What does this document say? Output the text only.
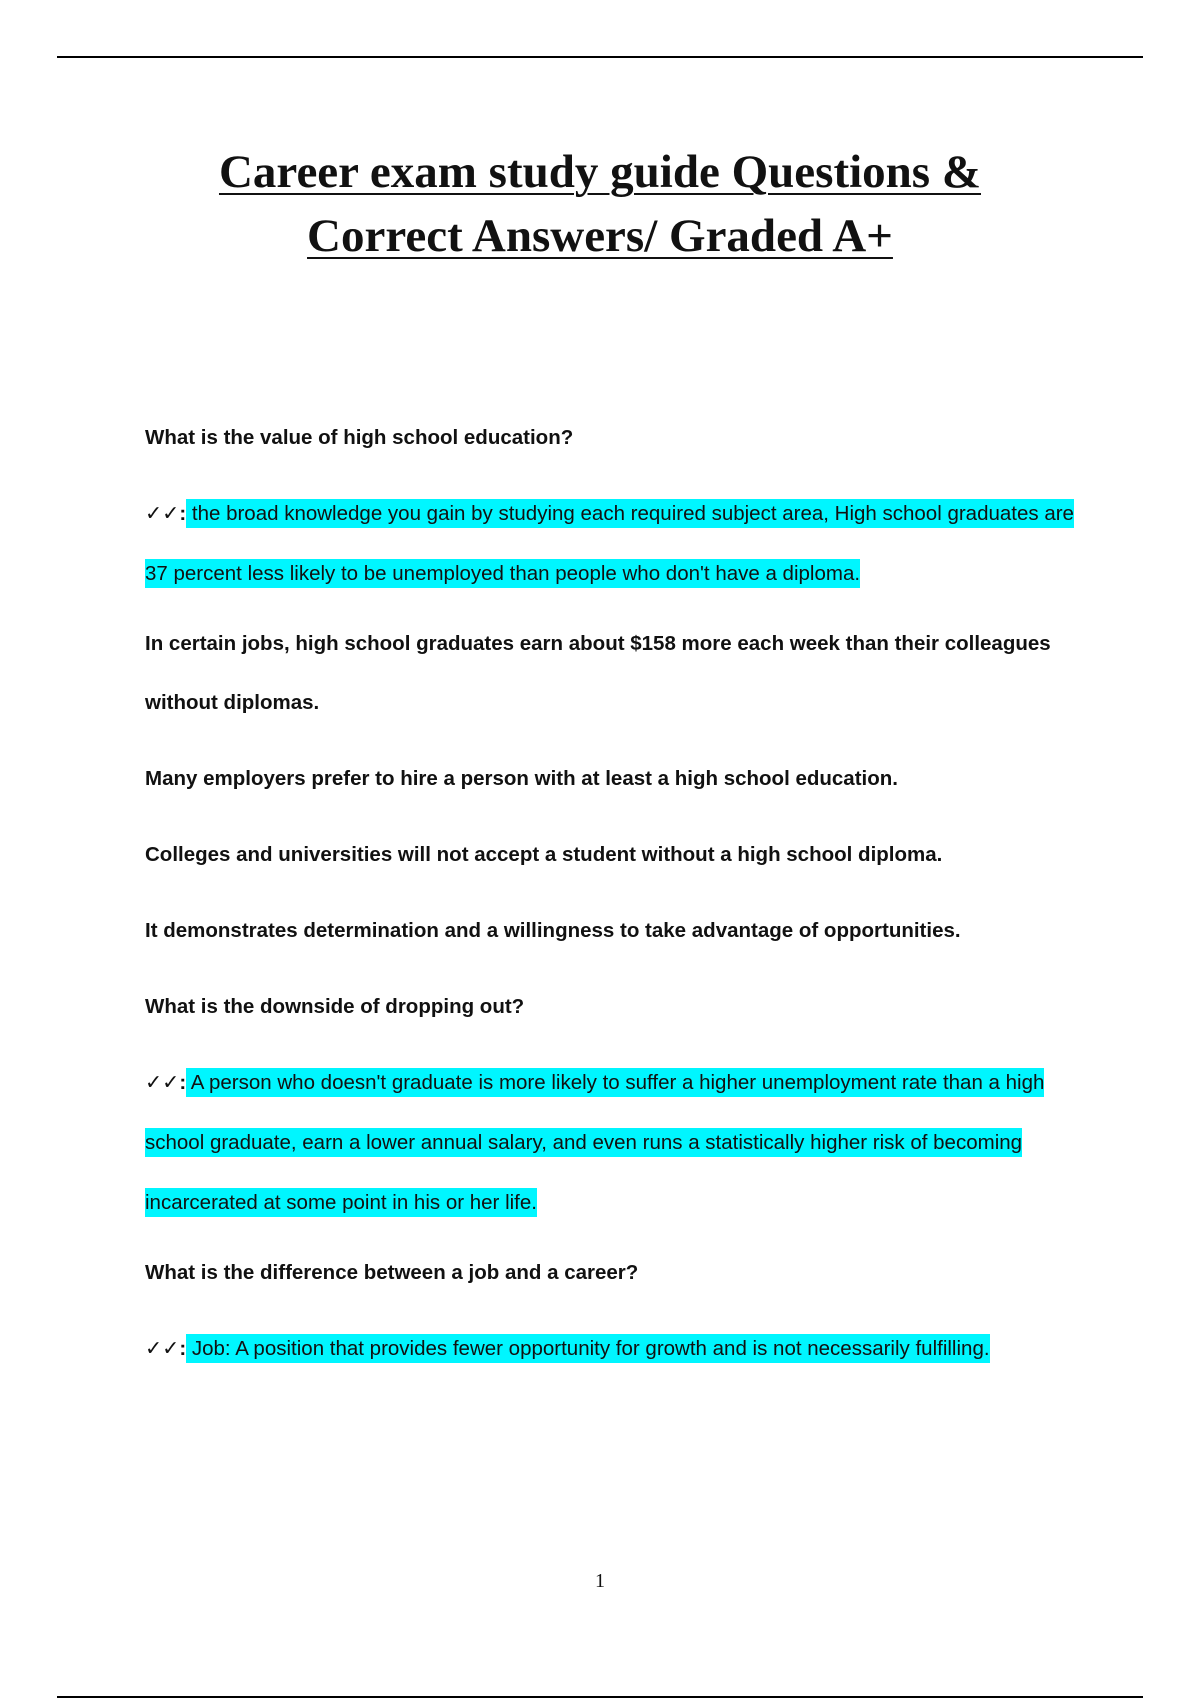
Career exam study guide Questions &
Correct Answers/ Graded A+
What is the value of high school education?
✓✓: the broad knowledge you gain by studying each required subject area, High school graduates are 37 percent less likely to be unemployed than people who don't have a diploma.
In certain jobs, high school graduates earn about $158 more each week than their colleagues without diplomas.
Many employers prefer to hire a person with at least a high school education.
Colleges and universities will not accept a student without a high school diploma.
It demonstrates determination and a willingness to take advantage of opportunities.
What is the downside of dropping out?
✓✓: A person who doesn't graduate is more likely to suffer a higher unemployment rate than a high school graduate, earn a lower annual salary, and even runs a statistically higher risk of becoming incarcerated at some point in his or her life.
What is the difference between a job and a career?
✓✓: Job: A position that provides fewer opportunity for growth and is not necessarily fulfilling.
1
